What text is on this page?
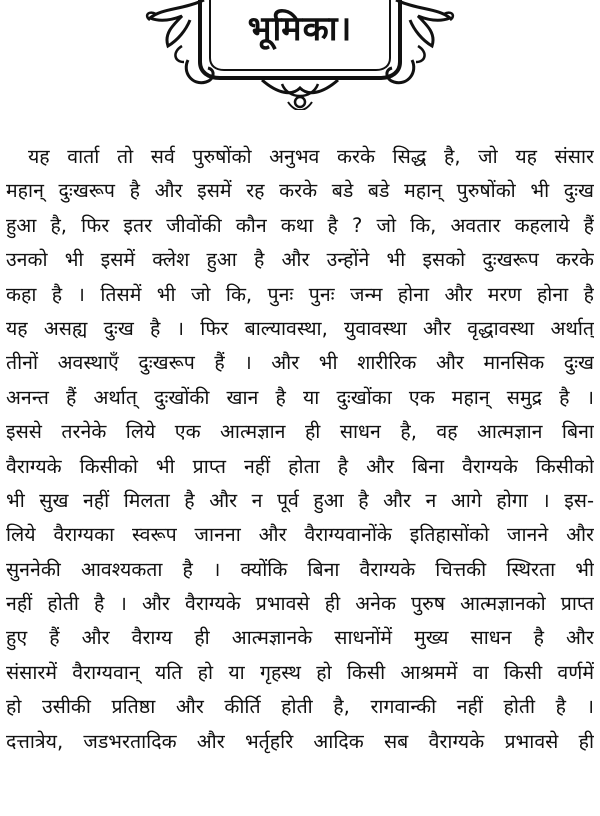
भूमिका।
यह वार्ता तो सर्व पुरुषोंको अनुभव करके सिद्ध है, जो यह संसार
महान् दुःखरूप है और इसमें रह करके बडे बडे महान् पुरुषोंको भी दुःख
हुआ है, फिर इतर जीवोंकी कौन कथा है ? जो कि, अवतार कहलाये हैं
उनको भी इसमें क्लेश हुआ है और उन्होंने भी इसको दुःखरूप करके
कहा है । तिसमें भी जो कि, पुनः पुनः जन्म होना और मरण होना है
यह असह्य दुःख है । फिर बाल्यावस्था, युवावस्था और वृद्धावस्था अर्थात्
तीनों अवस्थाएँ दुःखरूप हैं । और भी शारीरिक और मानसिक दुःख
अनन्त हैं अर्थात् दुःखोंकी खान है या दुःखोंका एक महान् समुद्र है ।
इससे तरनेके लिये एक आत्मज्ञान ही साधन है, वह आत्मज्ञान बिना
वैराग्यके किसीको भी प्राप्त नहीं होता है और बिना वैराग्यके किसीको
भी सुख नहीं मिलता है और न पूर्व हुआ है और न आगे होगा । इस-
लिये वैराग्यका स्वरूप जानना और वैराग्यवानोंके इतिहासोंको जानने और
सुननेकी आवश्यकता है । क्योंकि बिना वैराग्यके चित्तकी स्थिरता भी
नहीं होती है । और वैराग्यके प्रभावसे ही अनेक पुरुष आत्मज्ञानको प्राप्त
हुए हैं और वैराग्य ही आत्मज्ञानके साधनोंमें मुख्य साधन है और
संसारमें वैराग्यवान् यति हो या गृहस्थ हो किसी आश्रममें वा किसी वर्णमें
हो उसीकी प्रतिष्ठा और कीर्ति होती है, रागवान्की नहीं होती है ।
दत्तात्रेय, जडभरतादिक और भर्तृहरि आदिक सब वैराग्यके प्रभावसे ही
